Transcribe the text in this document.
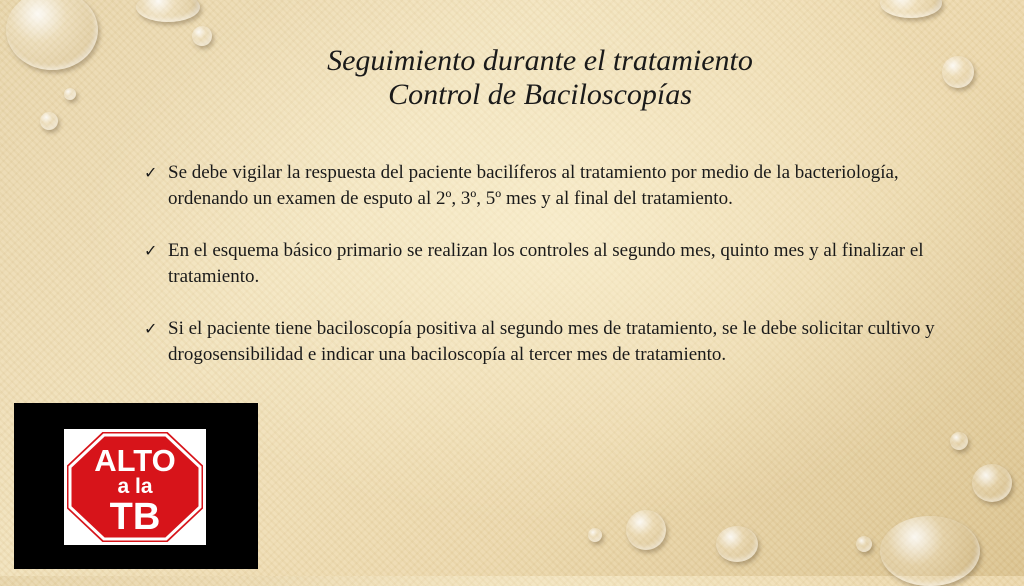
Seguimiento durante el tratamiento
Control de Baciloscopías
✓ Se debe vigilar la respuesta del paciente bacilíferos al tratamiento por medio de la bacteriología, ordenando un examen de esputo al 2º, 3º, 5º mes y al final del tratamiento.
✓ En el esquema básico primario se realizan los controles al segundo mes, quinto mes y al finalizar el tratamiento.
✓ Si el paciente tiene baciloscopía positiva al segundo mes de tratamiento, se le debe solicitar cultivo y drogosensibilidad e indicar una baciloscopía al tercer mes de tratamiento.
ALTO
a la
TB
